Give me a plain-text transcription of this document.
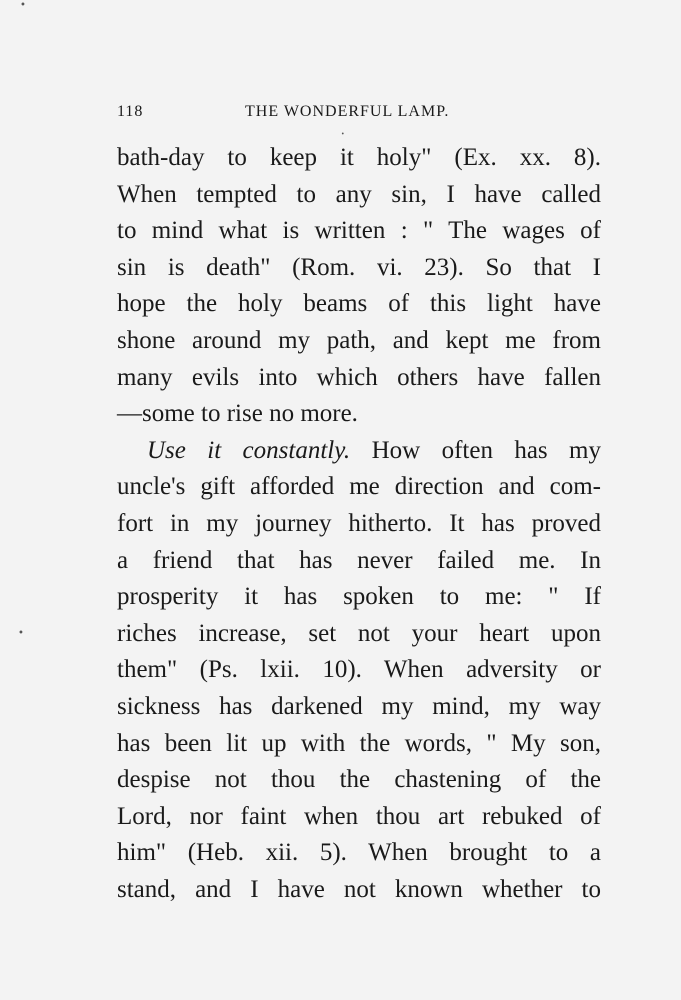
•
•
•
118	THE WONDERFUL LAMP.
bath-day to keep it holy" (Ex. xx. 8).
When tempted to any sin, I have called
to mind what is written : " The wages of
sin is death" (Rom. vi. 23). So that I
hope the holy beams of this light have
shone around my path, and kept me from
many evils into which others have fallen
—some to rise no more.
Use it constantly. How often has my
uncle's gift afforded me direction and com-
fort in my journey hitherto. It has proved
a friend that has never failed me. In
prosperity it has spoken to me: " If
riches increase, set not your heart upon
them" (Ps. lxii. 10). When adversity or
sickness has darkened my mind, my way
has been lit up with the words, " My son,
despise not thou the chastening of the
Lord, nor faint when thou art rebuked of
him" (Heb. xii. 5). When brought to a
stand, and I have not known whether to
